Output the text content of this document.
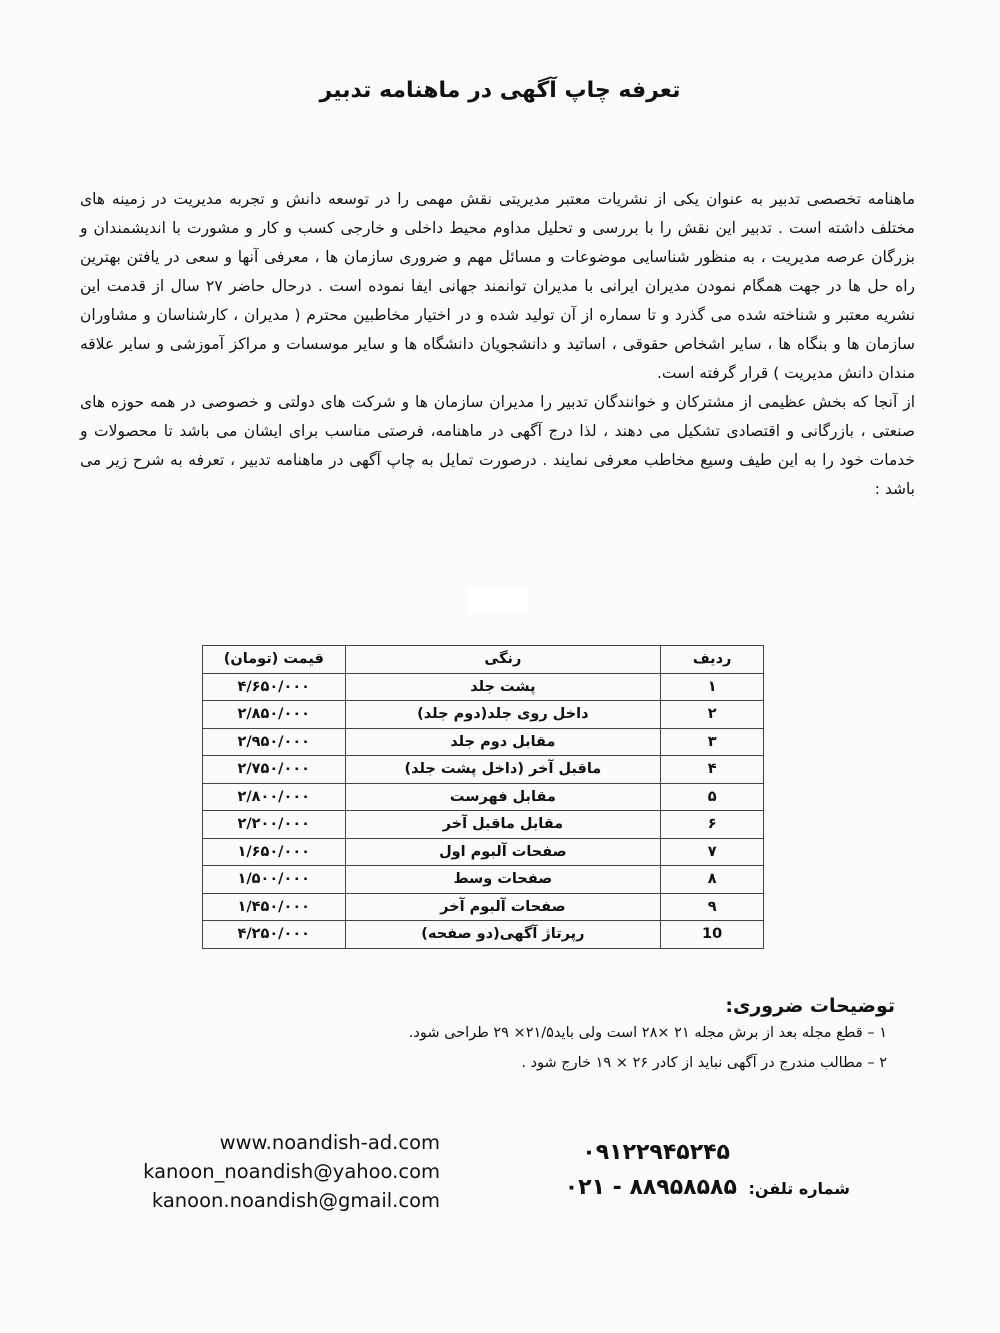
تعرفه چاپ آگهی در ماهنامه تدبیر

ماهنامه تخصصی تدبیر به عنوان یکی از نشریات معتبر مدیریتی نقش مهمی را در توسعه دانش و تجربه مدیریت در زمینه های مختلف داشته است . تدبیر این نقش را با بررسی و تحلیل مداوم محیط داخلی و خارجی کسب و کار و مشورت با اندیشمندان و بزرگان عرصه مدیریت ، به منظور شناسایی موضوعات و مسائل مهم و ضروری سازمان ها ، معرفی آنها و سعی در یافتن بهترین راه حل ها در جهت همگام نمودن مدیران ایرانی با مدیران توانمند جهانی ایفا نموده است . درحال حاضر ۲۷ سال از قدمت این نشریه معتبر و شناخته شده می گذرد و تا سماره از آن تولید شده و در اختیار مخاطبین محترم ( مدیران ، کارشناسان و مشاوران سازمان ها و بنگاه ها ، سایر اشخاص حقوقی ، اساتید و دانشجویان دانشگاه ها و سایر موسسات و مراکز آموزشی و سایر علاقه مندان دانش مدیریت ) قرار گرفته است.

از آنجا که بخش عظیمی از مشترکان و خوانندگان تدبیر را مدیران سازمان ها و شرکت های دولتی و خصوصی در همه حوزه های صنعتی ، بازرگانی و اقتصادی تشکیل می دهند ، لذا درج آگهی در ماهنامه، فرصتی مناسب برای ایشان می باشد تا محصولات و خدمات خود را به این طیف وسیع مخاطب معرفی نمایند . درصورت تمایل به چاپ آگهی در ماهنامه تدبیر ، تعرفه به شرح زیر می باشد :

ردیف	رنگی	قیمت (تومان)
۱	پشت جلد	۴/۶۵۰/۰۰۰
۲	داخل روی جلد(دوم جلد)	۲/۸۵۰/۰۰۰
۳	مقابل دوم جلد	۲/۹۵۰/۰۰۰
۴	ماقبل آخر (داخل پشت جلد)	۲/۷۵۰/۰۰۰
۵	مقابل فهرست	۲/۸۰۰/۰۰۰
۶	مقابل ماقبل آخر	۲/۲۰۰/۰۰۰
۷	صفحات آلبوم اول	۱/۶۵۰/۰۰۰
۸	صفحات وسط	۱/۵۰۰/۰۰۰
۹	صفحات آلبوم آخر	۱/۴۵۰/۰۰۰
10	رپرتاژ آگهی(دو صفحه)	۴/۲۵۰/۰۰۰
توضیحات ضروری:
۱ – قطع مجله بعد از برش مجله ۲۱ ×۲۸ است ولی باید۲۱/۵× ۲۹ طراحی شود.
۲ – مطالب مندرج در آگهی نباید از کادر ۲۶ × ۱۹ خارج شود .
www.noandish-ad.com
kanoon_noandish@yahoo.com
kanoon.noandish@gmail.com
۰۹۱۲۲۹۴۵۲۴۵
شماره تلفن: ۰۲۱ - ۸۸۹۵۸۵۸۵
